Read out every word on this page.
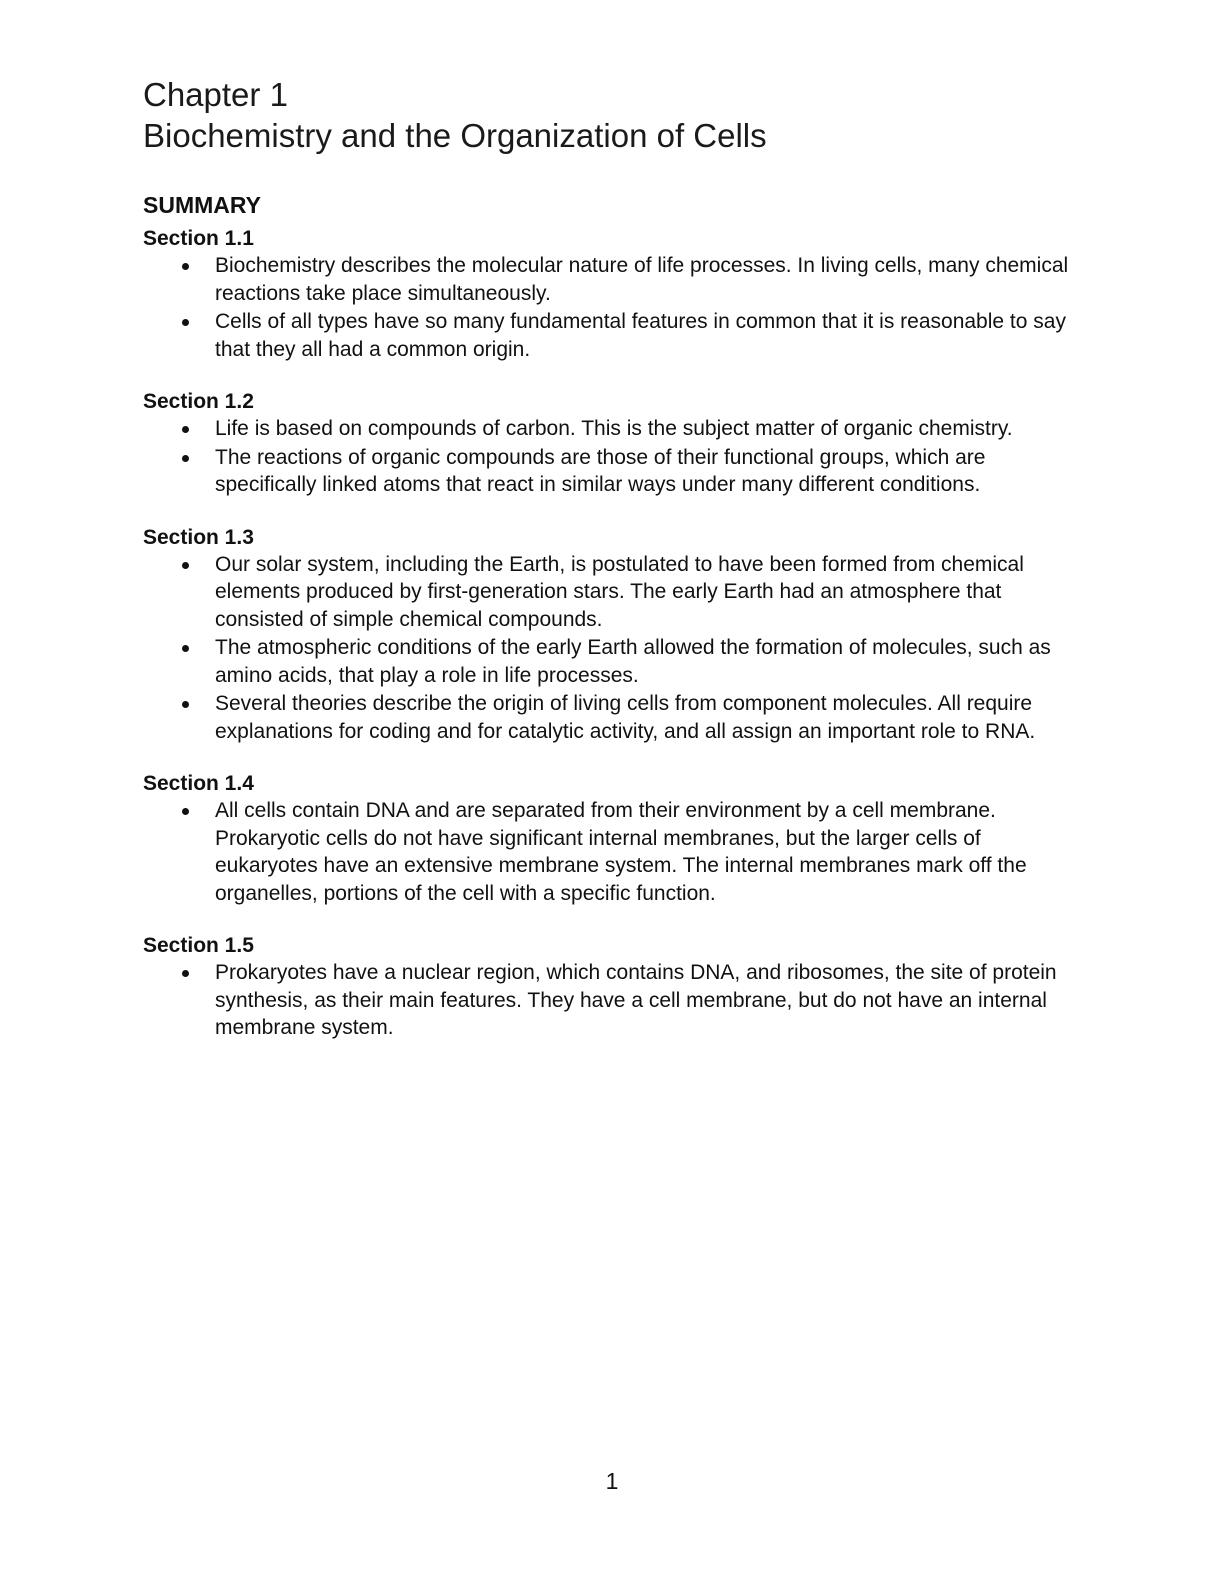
Chapter 1
Biochemistry and the Organization of Cells
SUMMARY
Section 1.1
Biochemistry describes the molecular nature of life processes. In living cells, many chemical reactions take place simultaneously.
Cells of all types have so many fundamental features in common that it is reasonable to say that they all had a common origin.
Section 1.2
Life is based on compounds of carbon. This is the subject matter of organic chemistry.
The reactions of organic compounds are those of their functional groups, which are specifically linked atoms that react in similar ways under many different conditions.
Section 1.3
Our solar system, including the Earth, is postulated to have been formed from chemical elements produced by first-generation stars. The early Earth had an atmosphere that consisted of simple chemical compounds.
The atmospheric conditions of the early Earth allowed the formation of molecules, such as amino acids, that play a role in life processes.
Several theories describe the origin of living cells from component molecules. All require explanations for coding and for catalytic activity, and all assign an important role to RNA.
Section 1.4
All cells contain DNA and are separated from their environment by a cell membrane. Prokaryotic cells do not have significant internal membranes, but the larger cells of eukaryotes have an extensive membrane system. The internal membranes mark off the organelles, portions of the cell with a specific function.
Section 1.5
Prokaryotes have a nuclear region, which contains DNA, and ribosomes, the site of protein synthesis, as their main features. They have a cell membrane, but do not have an internal membrane system.
1
